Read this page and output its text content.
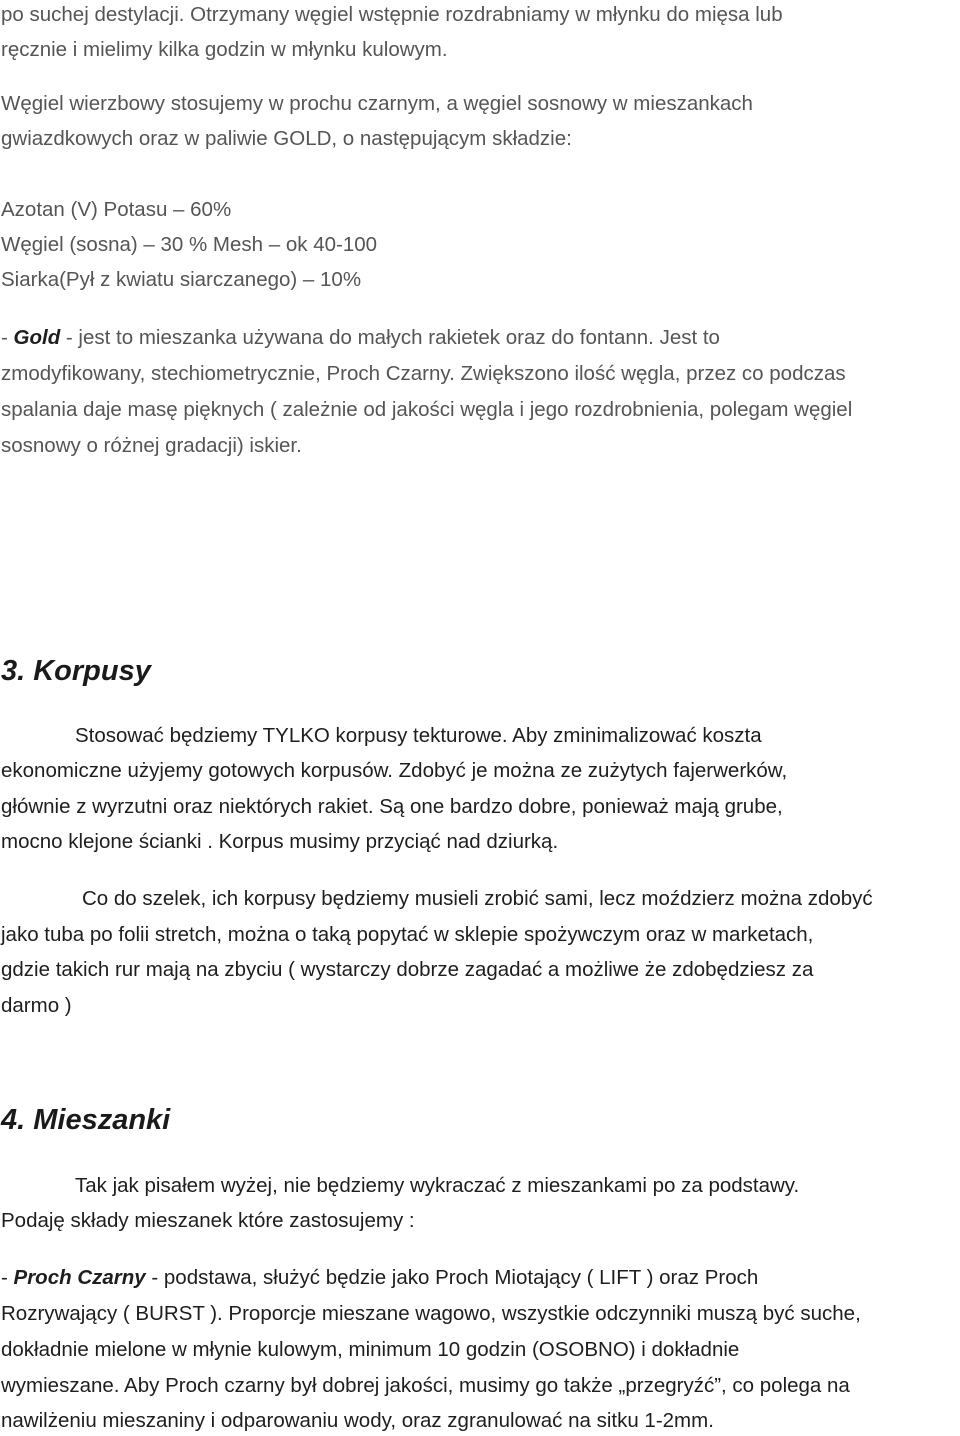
po suchej destylacji. Otrzymany węgiel wstępnie rozdrabniamy w młynku do mięsa lub
ręcznie i mielimy kilka godzin w młynku kulowym.
Węgiel wierzbowy stosujemy w prochu czarnym, a węgiel sosnowy w mieszankach
gwiazdkowych oraz w paliwie GOLD, o następującym składzie:
Azotan (V) Potasu – 60%
Węgiel (sosna) – 30 % Mesh – ok 40-100
Siarka(Pył z kwiatu siarczanego) – 10%
- Gold - jest to mieszanka używana do małych rakietek oraz do fontann. Jest to
zmodyfikowany, stechiometrycznie, Proch Czarny. Zwiększono ilość węgla, przez co podczas
spalania daje masę pięknych ( zależnie od jakości węgla i jego rozdrobnienia, polegam węgiel
sosnowy o różnej gradacji) iskier.
3. Korpusy
Stosować będziemy TYLKO korpusy tekturowe. Aby zminimalizować koszta
ekonomiczne użyjemy gotowych korpusów. Zdobyć je można ze zużytych fajerwerków,
głównie z wyrzutni oraz niektórych rakiet. Są one bardzo dobre, ponieważ mają grube,
mocno klejone ścianki . Korpus musimy przyciąć nad dziurką.
Co do szelek, ich korpusy będziemy musieli zrobić sami, lecz moździerz można zdobyć
jako tuba po folii stretch, można o taką popytać w sklepie spożywczym oraz w marketach,
gdzie takich rur mają na zbyciu ( wystarczy dobrze zagadać a możliwe że zdobędziesz za
darmo )
4. Mieszanki
Tak jak pisałem wyżej, nie będziemy wykraczać z mieszankami po za podstawy.
Podaję składy mieszanek które zastosujemy :
- Proch Czarny - podstawa, służyć będzie jako Proch Miotający ( LIFT ) oraz Proch
Rozrywający ( BURST ). Proporcje mieszane wagowo, wszystkie odczynniki muszą być suche,
dokładnie mielone w młynie kulowym, minimum 10 godzin (OSOBNO) i dokładnie
wymieszane. Aby Proch czarny był dobrej jakości, musimy go także „przegryźć”, co polega na
nawilżeniu mieszaniny i odparowaniu wody, oraz zgranulować na sitku 1-2mm.
